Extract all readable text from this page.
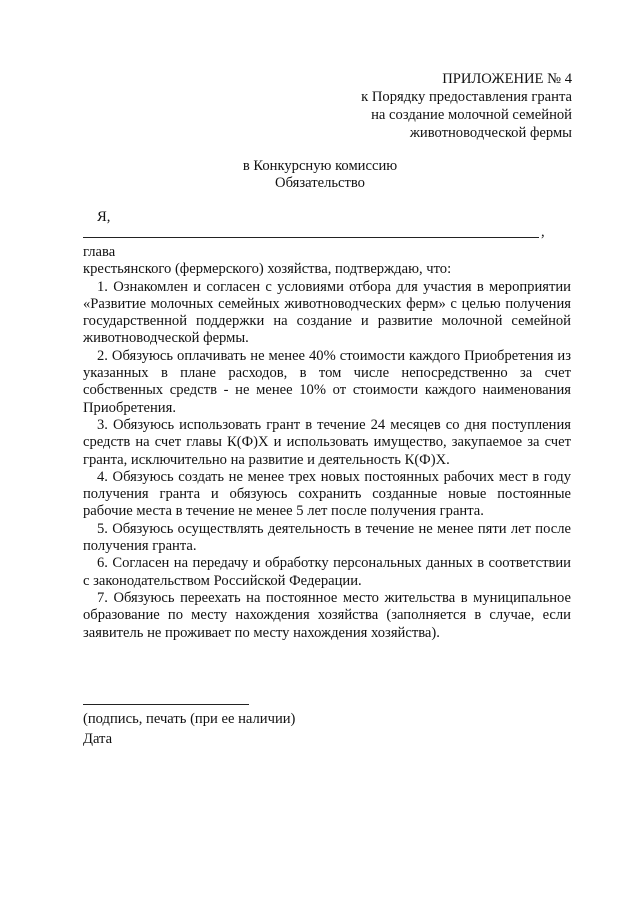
ПРИЛОЖЕНИЕ № 4
к Порядку предоставления гранта
на создание молочной семейной
животноводческой фермы
в Конкурсную комиссию
Обязательство
Я,
,

глава

крестьянского (фермерского) хозяйства, подтверждаю, что:

1. Ознакомлен и согласен с условиями отбора для участия в мероприятии «Развитие молочных семейных животноводческих ферм» с целью получения государственной поддержки на создание и развитие молочной семейной животноводческой фермы.

2. Обязуюсь оплачивать не менее 40% стоимости каждого Приобретения из указанных в плане расходов, в том числе непосредственно за счет собственных средств - не менее 10% от стоимости каждого наименования Приобретения.

3. Обязуюсь использовать грант в течение 24 месяцев со дня поступления средств на счет главы К(Ф)Х и использовать имущество, закупаемое за счет гранта, исключительно на развитие и деятельность К(Ф)Х.

4. Обязуюсь создать не менее трех новых постоянных рабочих мест в году получения гранта и обязуюсь сохранить созданные новые постоянные рабочие места в течение не менее 5 лет после получения гранта.

5. Обязуюсь осуществлять деятельность в течение не менее пяти лет после получения гранта.

6. Согласен на передачу и обработку персональных данных в соответствии с законодательством Российской Федерации.

7. Обязуюсь переехать на постоянное место жительства в муниципальное образование по месту нахождения хозяйства (заполняется в случае, если заявитель не проживает по месту нахождения хозяйства).

(подпись, печать (при ее наличии)
Дата
